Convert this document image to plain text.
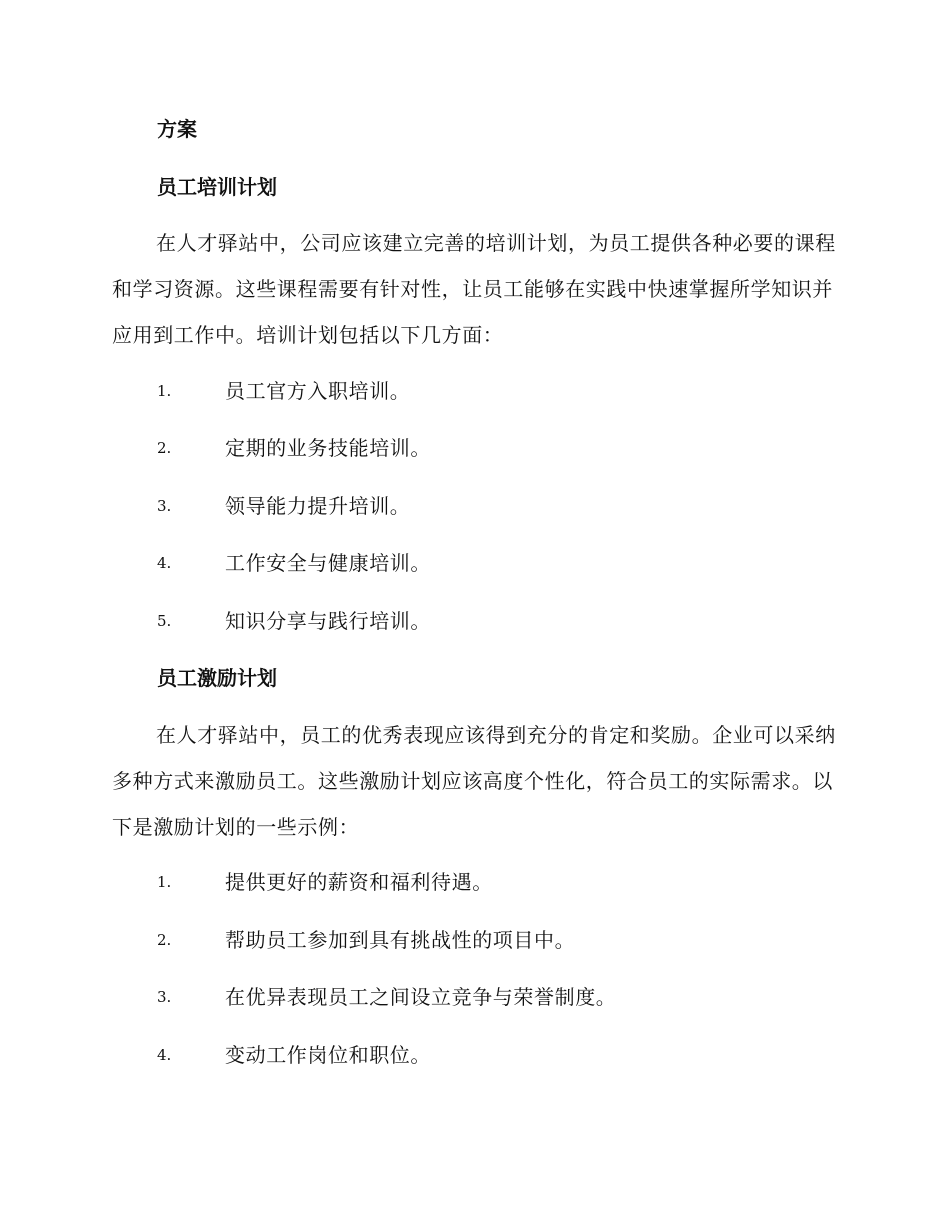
方案
员工培训计划
在人才驿站中，公司应该建立完善的培训计划，为员工提供各种必要的课程和学习资源。这些课程需要有针对性，让员工能够在实践中快速掌握所学知识并应用到工作中。培训计划包括以下几方面：
1.	员工官方入职培训。
2.	定期的业务技能培训。
3.	领导能力提升培训。
4.	工作安全与健康培训。
5.	知识分享与践行培训。
员工激励计划
在人才驿站中，员工的优秀表现应该得到充分的肯定和奖励。企业可以采纳多种方式来激励员工。这些激励计划应该高度个性化，符合员工的实际需求。以下是激励计划的一些示例：
1.	提供更好的薪资和福利待遇。
2.	帮助员工参加到具有挑战性的项目中。
3.	在优异表现员工之间设立竞争与荣誉制度。
4.	变动工作岗位和职位。
